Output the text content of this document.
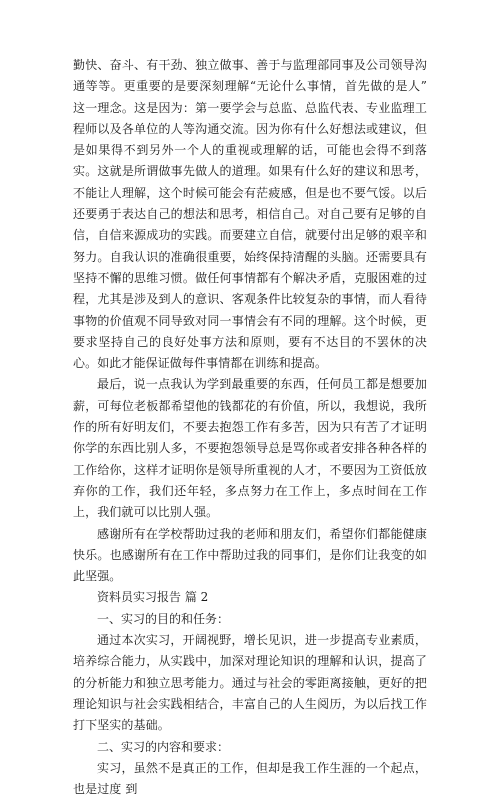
勤快、奋斗、有干劲、独立做事、善于与监理部同事及公司领导沟通等等。更重要的是要深刻理解“无论什么事情，首先做的是人” 这一理念。这是因为：第一要学会与总监、总监代表、专业监理工程师以及各单位的人等沟通交流。因为你有什么好想法或建议，但是如果得不到另外一个人的重视或理解的话，可能也会得不到落实。这就是所谓做事先做人的道理。如果有什么好的建议和思考，不能让人理解，这个时候可能会有茫疲感，但是也不要气馁。以后还要勇于表达自己的想法和思考，相信自己。对自己要有足够的自信，自信来源成功的实践。而要建立自信，就要付出足够的艰辛和努力。自我认识的准确很重要，始终保持清醒的头脑。还需要具有坚持不懈的思维习惯。做任何事情都有个解决矛盾，克服困难的过程，尤其是涉及到人的意识、客观条件比较复杂的事情，而人看待事物的价值观不同导致对同一事情会有不同的理解。这个时候，更要求坚持自己的良好处事方法和原则，要有不达目的不罢休的决心。如此才能保证做每件事情都在训练和提高。

最后，说一点我认为学到最重要的东西，任何员工都是想要加薪，可每位老板都希望他的钱都花的有价值，所以，我想说，我所作的所有好明友们，不要去抱怨工作有多苦，因为只有苦了才证明你学的东西比别人多，不要抱怨领导总是骂你或者安排各种各样的工作给你，这样才证明你是领导所重视的人才，不要因为工资低放弃你的工作，我们还年轻，多点努力在工作上，多点时间在工作上，我们就可以比别人强。

感谢所有在学校帮助过我的老师和朋友们，希望你们都能健康快乐。也感谢所有在工作中帮助过我的同事们，是你们让我变的如此坚强。

资料员实习报告 篇 2

一、实习的目的和任务：

通过本次实习，开阔视野，增长见识，进一步提高专业素质，培养综合能力，从实践中，加深对理论知识的理解和认识，提高了的分析能力和独立思考能力。通过与社会的零距离接触，更好的把理论知识与社会实践相结合，丰富自己的人生阅历，为以后找工作打下坚实的基础。

二、实习的内容和要求：

实习，虽然不是真正的工作，但却是我工作生涯的一个起点，也是过度 到
